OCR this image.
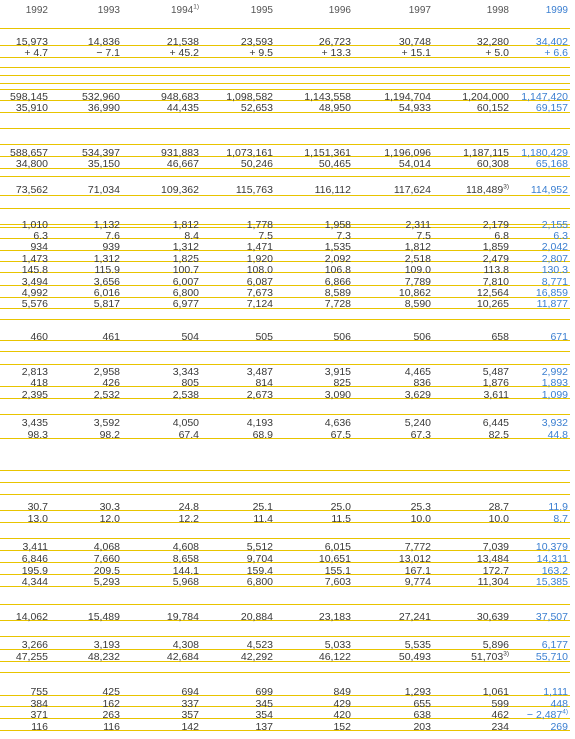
1992	1993	1994$^{1)}$	1995	1996	1997	1998	1999
15,973	14,836	21,538	23,593	26,723	30,748	32,280	34,402
+ 4.7	− 7.1	+ 45.2	+ 9.5	+ 13.3	+ 15.1	+ 5.0	+ 6.6
598,145	532,960	948,683	1,098,582	1,143,558	1,194,704	1,204,000	1,147,420
35,910	36,990	44,435	52,653	48,950	54,933	60,152	69,157
588,657	534,397	931,883	1,073,161	1,151,361	1,196,096	1,187,115	1,180,429
34,800	35,150	46,667	50,246	50,465	54,014	60,308	65,168
73,562	71,034	109,362	115,763	116,112	117,624	118,489$^{3)}$	114,952
1,010	1,132	1,812	1,778	1,958	2,311	2,179	2,155
6.3	7.6	8.4	7.5	7.3	7.5	6.8	6.3
934	939	1,312	1,471	1,535	1,812	1,859	2,042
1,473	1,312	1,825	1,920	2,092	2,518	2,479	2,807
145.8	115.9	100.7	108.0	106.8	109.0	113.8	130.3
3,494	3,656	6,007	6,087	6,866	7,789	7,810	8,771
4,992	6,016	6,800	7,673	8,589	10,862	12,564	16,859
5,576	5,817	6,977	7,124	7,728	8,590	10,265	11,877
460	461	504	505	506	506	658	671
2,813	2,958	3,343	3,487	3,915	4,465	5,487	2,992
418	426	805	814	825	836	1,876	1,893
2,395	2,532	2,538	2,673	3,090	3,629	3,611	1,099
3,435	3,592	4,050	4,193	4,636	5,240	6,445	3,932
98.3	98.2	67.4	68.9	67.5	67.3	82.5	44.8
30.7	30.3	24.8	25.1	25.0	25.3	28.7	11.9
13.0	12.0	12.2	11.4	11.5	10.0	10.0	8.7
3,411	4,068	4,608	5,512	6,015	7,772	7,039	10,379
6,846	7,660	8,658	9,704	10,651	13,012	13,484	14,311
195.9	209.5	144.1	159.4	155.1	167.1	172.7	163.2
4,344	5,293	5,968	6,800	7,603	9,774	11,304	15,385
14,062	15,489	19,784	20,884	23,183	27,241	30,639	37,507
3,266	3,193	4,308	4,523	5,033	5,535	5,896	6,177
47,255	48,232	42,684	42,292	46,122	50,493	51,703$^{3)}$	55,710
755	425	694	699	849	1,293	1,061	1,111
384	162	337	345	429	655	599	448
371	263	357	354	420	638	462	− $2,487^{4)}$
116	116	142	137	152	203	234	269
